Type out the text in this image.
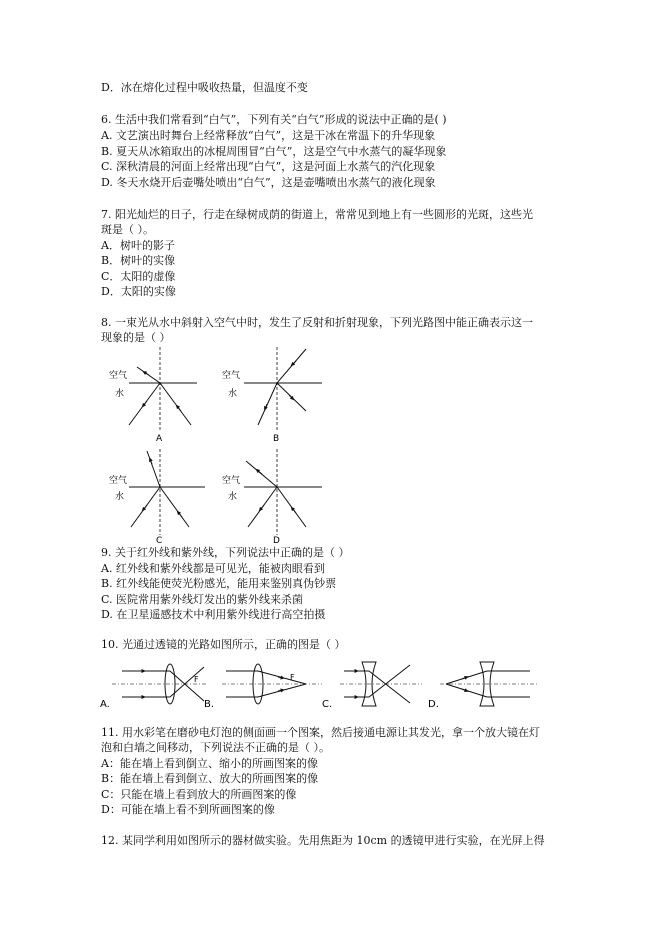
D．冰在熔化过程中吸收热量，但温度不变
6. 生活中我们常看到“白气”，下列有关“白气”形成的说法中正确的是( )
A. 文艺演出时舞台上经常释放“白气”，这是干冰在常温下的升华现象
B. 夏天从冰箱取出的冰棍周围冒“白气”，这是空气中水蒸气的凝华现象
C. 深秋清晨的河面上经常出现“白气”，这是河面上水蒸气的汽化现象
D. 冬天水烧开后壶嘴处喷出“白气”，这是壶嘴喷出水蒸气的液化现象
7. 阳光灿烂的日子，行走在绿树成荫的街道上，常常见到地上有一些圆形的光斑，这些光
斑是（ ）。
A．树叶的影子
B．树叶的实像
C．太阳的虚像
D．太阳的实像
8. 一束光从水中斜射入空气中时，发生了反射和折射现象，下列光路图中能正确表示这一
现象的是（ ）
空气
水
A
空气
水
B
空气
水
C
空气
水
D
9. 关于红外线和紫外线，下列说法中正确的是（ ）
A. 红外线和紫外线都是可见光，能被肉眼看到
B. 红外线能使荧光粉感光，能用来鉴别真伪钞票
C. 医院常用紫外线灯发出的紫外线来杀菌
D. 在卫星遥感技术中利用紫外线进行高空拍摄
10. 光通过透镜的光路如图所示，正确的图是（ ）
F
A.
F
B.	C.	D.
11. 用水彩笔在磨砂电灯泡的侧面画一个图案，然后接通电源让其发光，拿一个放大镜在灯
泡和白墙之间移动，下列说法不正确的是（ ）。
A：能在墙上看到倒立、缩小的所画图案的像
B：能在墙上看到倒立、放大的所画图案的像
C：只能在墙上看到放大的所画图案的像
D：可能在墙上看不到所画图案的像
12. 某同学利用如图所示的器材做实验。先用焦距为 10cm 的透镜甲进行实验，在光屏上得
